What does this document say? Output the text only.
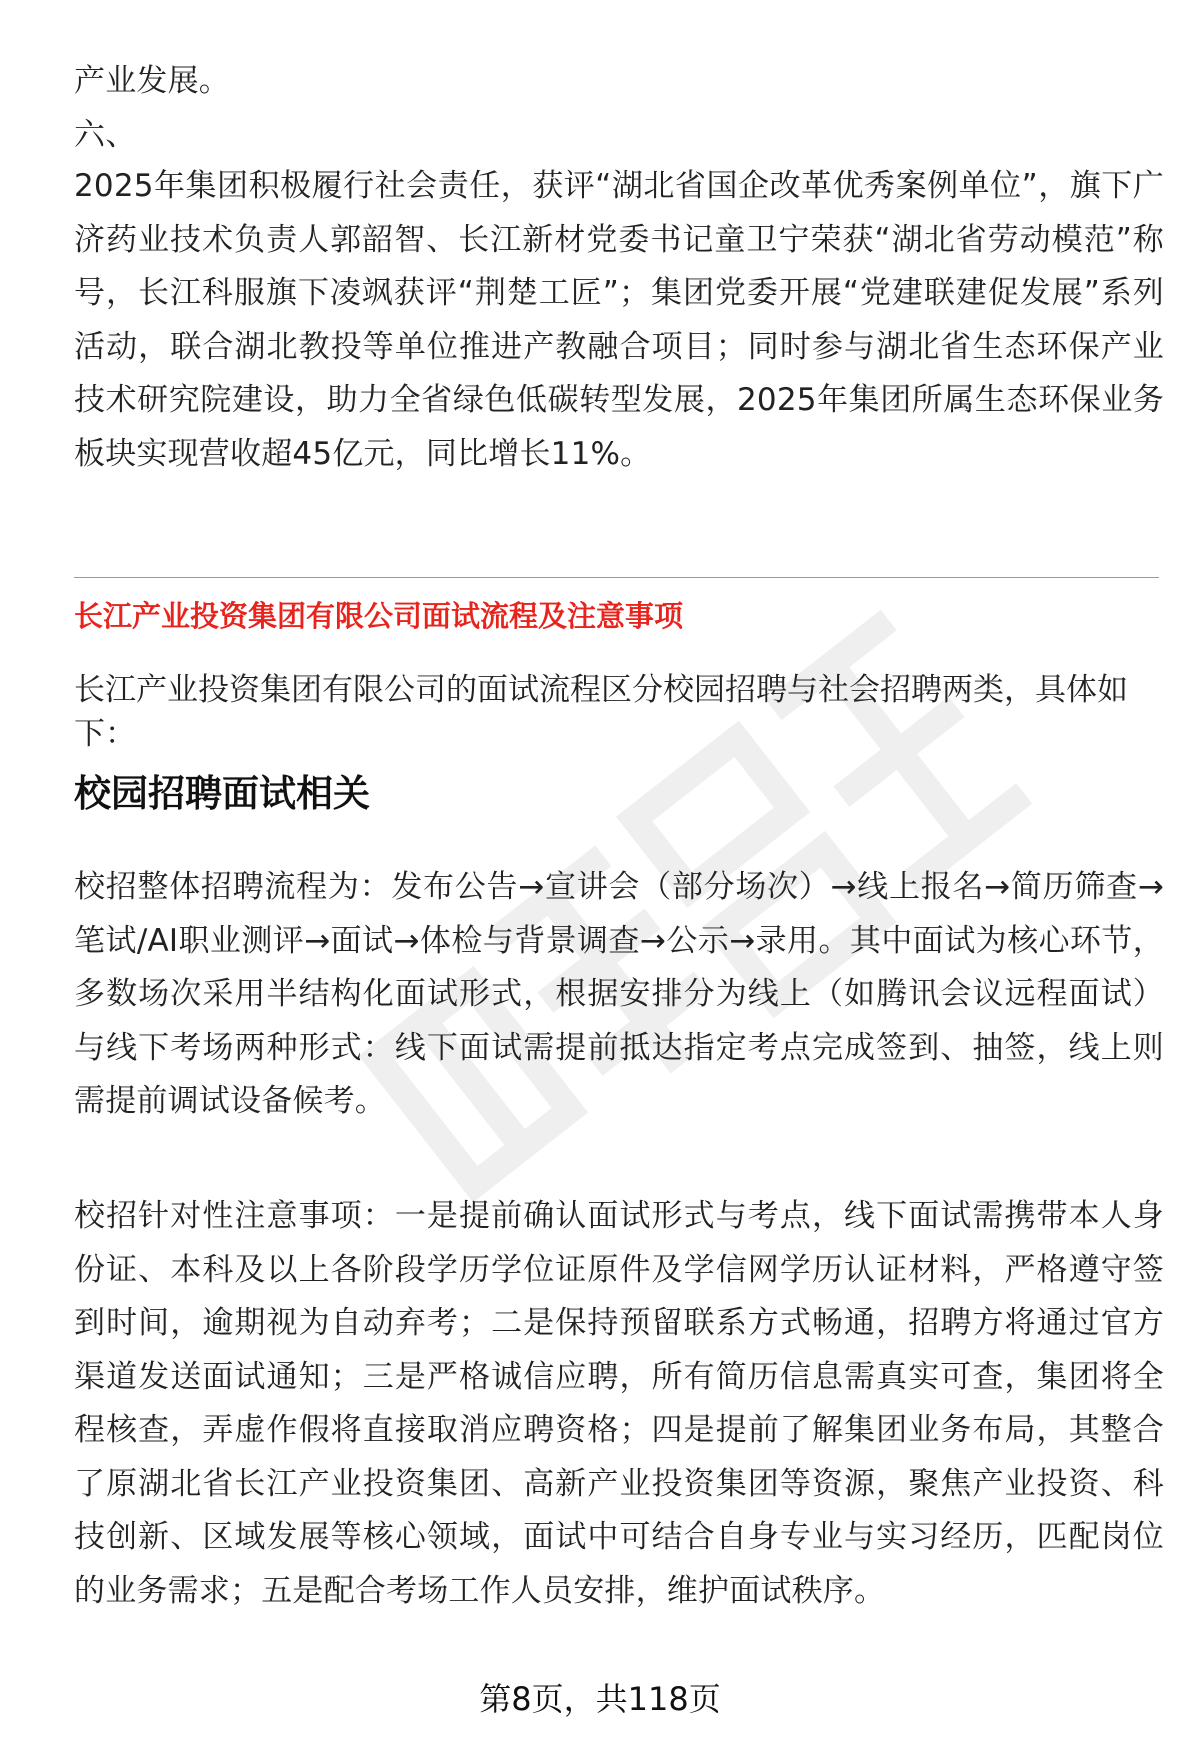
产业发展。

六、

2025年集团积极履行社会责任，获评“湖北省国企改革优秀案例单位”，旗下广济药业技术负责人郭韶智、长江新材党委书记童卫宁荣获“湖北省劳动模范”称号，长江科服旗下凌飒获评“荆楚工匠”；集团党委开展“党建联建促发展”系列活动，联合湖北教投等单位推进产教融合项目；同时参与湖北省生态环保产业技术研究院建设，助力全省绿色低碳转型发展，2025年集团所属生态环保业务板块实现营收超45亿元，同比增长11%。

长江产业投资集团有限公司面试流程及注意事项

长江产业投资集团有限公司的面试流程区分校园招聘与社会招聘两类，具体如下：

校园招聘面试相关

校招整体招聘流程为：发布公告→宣讲会（部分场次）→线上报名→简历筛查→笔试/AI职业测评→面试→体检与背景调查→公示→录用。其中面试为核心环节，多数场次采用半结构化面试形式，根据安排分为线上（如腾讯会议远程面试）与线下考场两种形式：线下面试需提前抵达指定考点完成签到、抽签，线上则需提前调试设备候考。

校招针对性注意事项：一是提前确认面试形式与考点，线下面试需携带本人身份证、本科及以上各阶段学历学位证原件及学信网学历认证材料，严格遵守签到时间，逾期视为自动弃考；二是保持预留联系方式畅通，招聘方将通过官方渠道发送面试通知；三是严格诚信应聘，所有简历信息需真实可查，集团将全程核查，弄虚作假将直接取消应聘资格；四是提前了解集团业务布局，其整合了原湖北省长江产业投资集团、高新产业投资集团等资源，聚焦产业投资、科技创新、区域发展等核心领域，面试中可结合自身专业与实习经历，匹配岗位的业务需求；五是配合考场工作人员安排，维护面试秩序。

第8页，共118页
